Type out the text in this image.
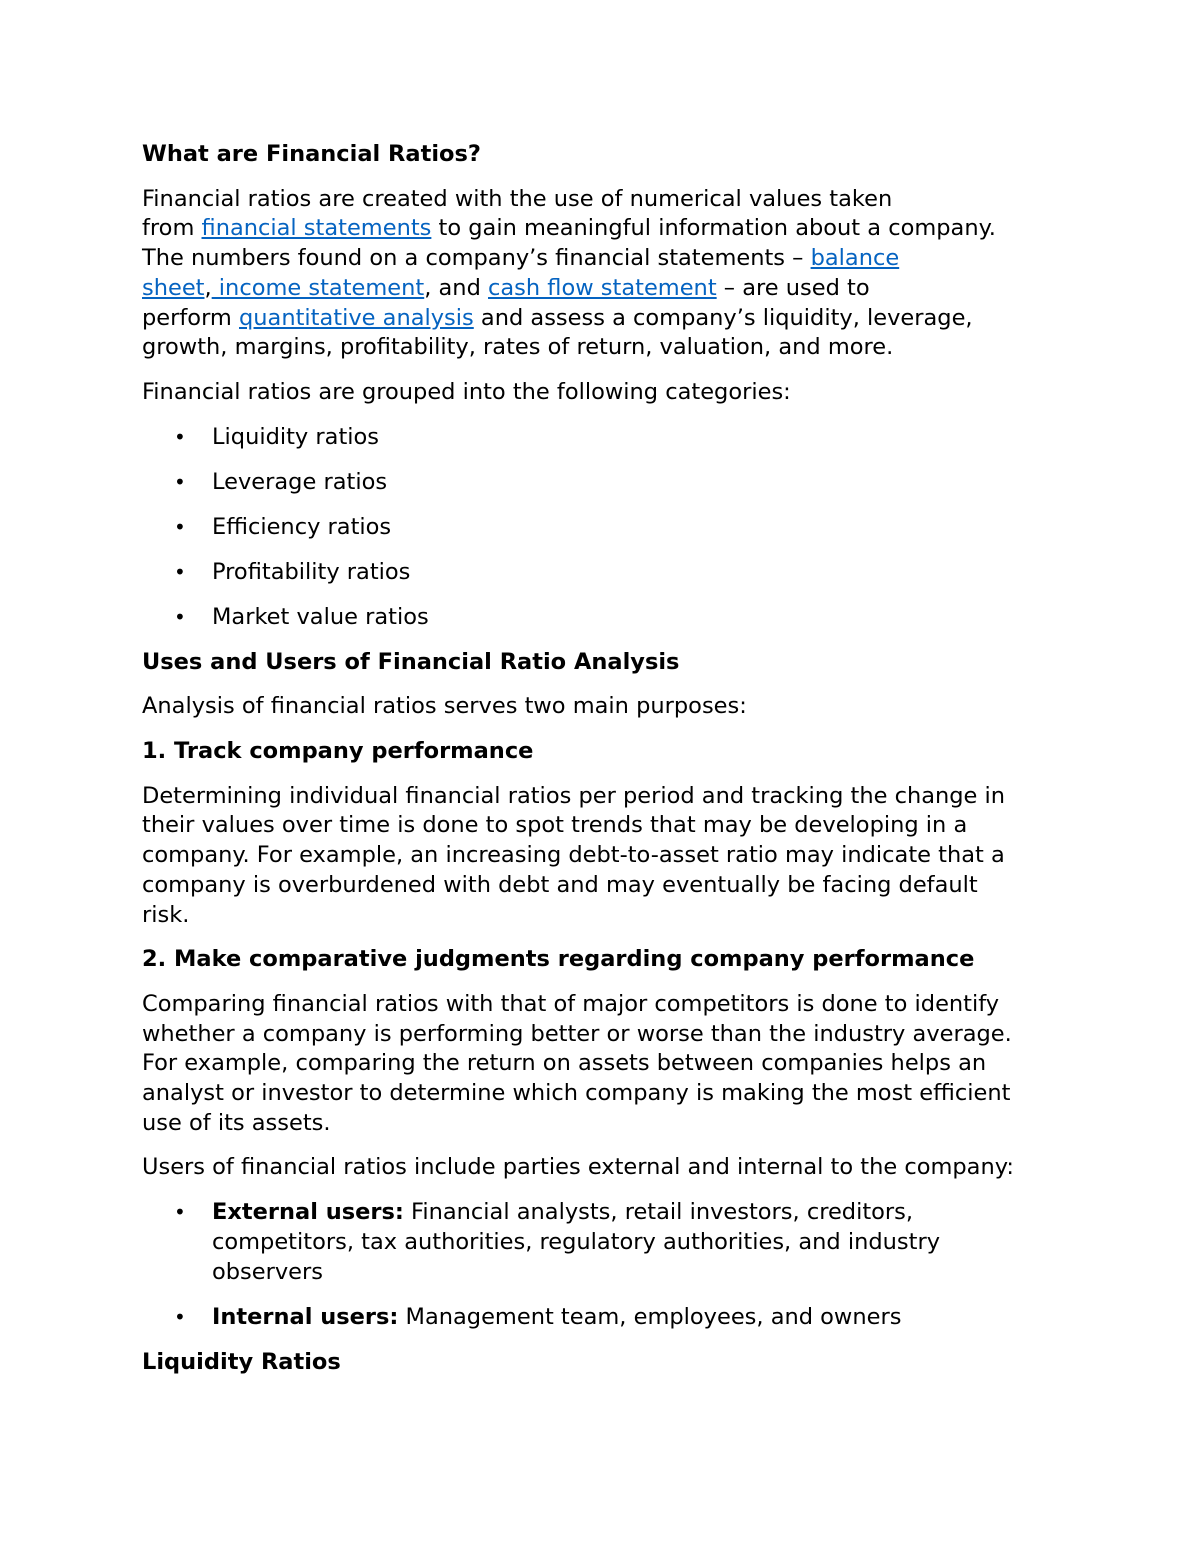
What are Financial Ratios?

Financial ratios are created with the use of numerical values taken
from financial statements to gain meaningful information about a company.
The numbers found on a company’s financial statements – balance
sheet, income statement, and cash flow statement – are used to
perform quantitative analysis and assess a company’s liquidity, leverage,
growth, margins, profitability, rates of return, valuation, and more.

Financial ratios are grouped into the following categories:

• Liquidity ratios
• Leverage ratios
• Efficiency ratios
• Profitability ratios
• Market value ratios

Uses and Users of Financial Ratio Analysis

Analysis of financial ratios serves two main purposes:

1. Track company performance

Determining individual financial ratios per period and tracking the change in
their values over time is done to spot trends that may be developing in a
company. For example, an increasing debt-to-asset ratio may indicate that a
company is overburdened with debt and may eventually be facing default
risk.

2. Make comparative judgments regarding company performance

Comparing financial ratios with that of major competitors is done to identify
whether a company is performing better or worse than the industry average.
For example, comparing the return on assets between companies helps an
analyst or investor to determine which company is making the most efficient
use of its assets.

Users of financial ratios include parties external and internal to the company:

• External users: Financial analysts, retail investors, creditors,
competitors, tax authorities, regulatory authorities, and industry
observers
• Internal users: Management team, employees, and owners

Liquidity Ratios
